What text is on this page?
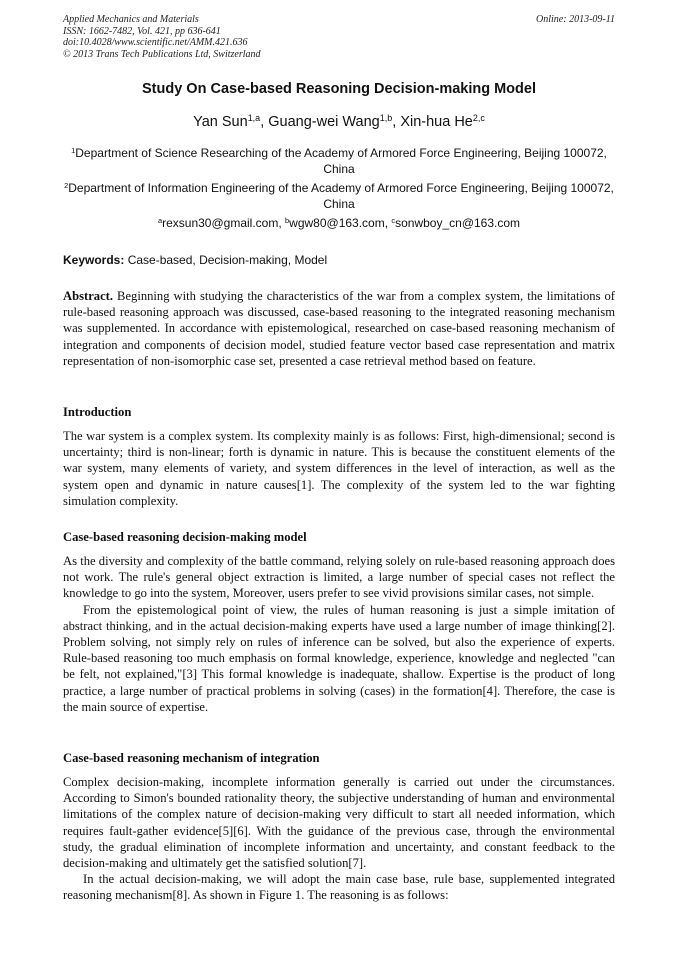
Applied Mechanics and Materials
ISSN: 1662-7482, Vol. 421, pp 636-641
doi:10.4028/www.scientific.net/AMM.421.636
© 2013 Trans Tech Publications Ltd, Switzerland
Online: 2013-09-11
Study On Case-based Reasoning Decision-making Model
Yan Sun$^{1,a}$, Guang-wei Wang$^{1,b}$, Xin-hua He$^{2,c}$
$^1$Department of Science Researching of the Academy of Armored Force Engineering, Beijing 100072, China
$^2$Department of Information Engineering of the Academy of Armored Force Engineering, Beijing 100072, China
$^a$rexsun30@gmail.com, $^b$wgw80@163.com, $^c$sonwboy_cn@163.com
Keywords: Case-based, Decision-making, Model

Abstract. Beginning with studying the characteristics of the war from a complex system, the limitations of rule-based reasoning approach was discussed, case-based reasoning to the integrated reasoning mechanism was supplemented. In accordance with epistemological, researched on case-based reasoning mechanism of integration and components of decision model, studied feature vector based case representation and matrix representation of non-isomorphic case set, presented a case retrieval method based on feature.

Introduction

The war system is a complex system. Its complexity mainly is as follows: First, high-dimensional; second is uncertainty; third is non-linear; forth is dynamic in nature. This is because the constituent elements of the war system, many elements of variety, and system differences in the level of interaction, as well as the system open and dynamic in nature causes[1]. The complexity of the system led to the war fighting simulation complexity.

Case-based reasoning decision-making model

As the diversity and complexity of the battle command, relying solely on rule-based reasoning approach does not work. The rule's general object extraction is limited, a large number of special cases not reflect the knowledge to go into the system, Moreover, users prefer to see vivid provisions similar cases, not simple.

From the epistemological point of view, the rules of human reasoning is just a simple imitation of abstract thinking, and in the actual decision-making experts have used a large number of image thinking[2]. Problem solving, not simply rely on rules of inference can be solved, but also the experience of experts. Rule-based reasoning too much emphasis on formal knowledge, experience, knowledge and neglected "can be felt, not explained,"[3] This formal knowledge is inadequate, shallow. Expertise is the product of long practice, a large number of practical problems in solving (cases) in the formation[4]. Therefore, the case is the main source of expertise.

Case-based reasoning mechanism of integration

Complex decision-making, incomplete information generally is carried out under the circumstances. According to Simon's bounded rationality theory, the subjective understanding of human and environmental limitations of the complex nature of decision-making very difficult to start all needed information, which requires fault-gather evidence[5][6]. With the guidance of the previous case, through the environmental study, the gradual elimination of incomplete information and uncertainty, and constant feedback to the decision-making and ultimately get the satisfied solution[7].

In the actual decision-making, we will adopt the main case base, rule base, supplemented integrated reasoning mechanism[8]. As shown in Figure 1. The reasoning is as follows:
